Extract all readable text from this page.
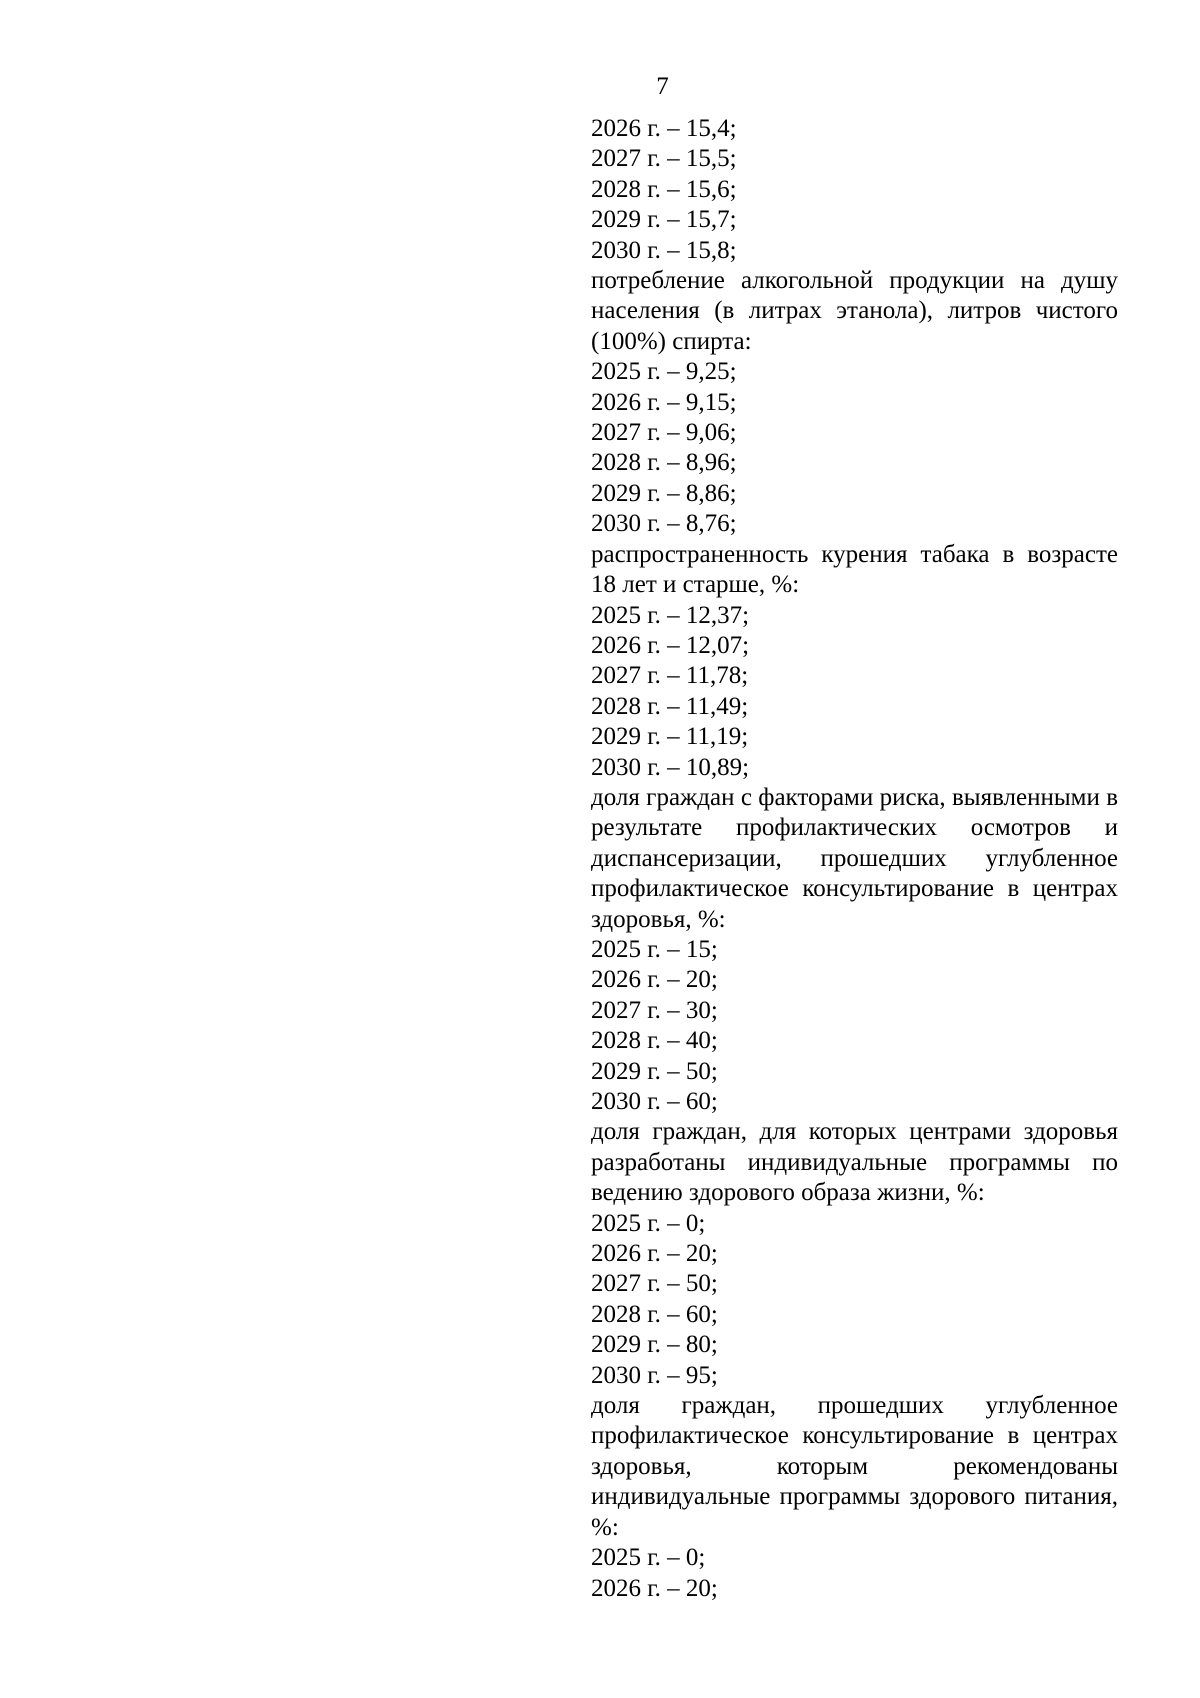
7

2026 г. – 15,4;

2027 г. – 15,5;

2028 г. – 15,6;

2029 г. – 15,7;

2030 г. – 15,8;

потребление алкогольной продукции на душу населения (в литрах этанола), литров чистого (100%) спирта:

2025 г. – 9,25;

2026 г. – 9,15;

2027 г. – 9,06;

2028 г. – 8,96;

2029 г. – 8,86;

2030 г. – 8,76;

распространенность курения табака в возрасте 18 лет и старше, %:

2025 г. – 12,37;

2026 г. – 12,07;

2027 г. – 11,78;

2028 г. – 11,49;

2029 г. – 11,19;

2030 г. – 10,89;

доля граждан с факторами риска, выявленными в результате профилактических осмотров и диспансеризации, прошедших углубленное профилактическое консультирование в центрах здоровья, %:

2025 г. – 15;

2026 г. – 20;

2027 г. – 30;

2028 г. – 40;

2029 г. – 50;

2030 г. – 60;

доля граждан, для которых центрами здоровья разработаны индивидуальные программы по ведению здорового образа жизни, %:

2025 г. – 0;

2026 г. – 20;

2027 г. – 50;

2028 г. – 60;

2029 г. – 80;

2030 г. – 95;

доля граждан, прошедших углубленное профилактическое консультирование в центрах здоровья, которым рекомендованы индивидуальные программы здорового питания, %:

2025 г. – 0;

2026 г. – 20;
